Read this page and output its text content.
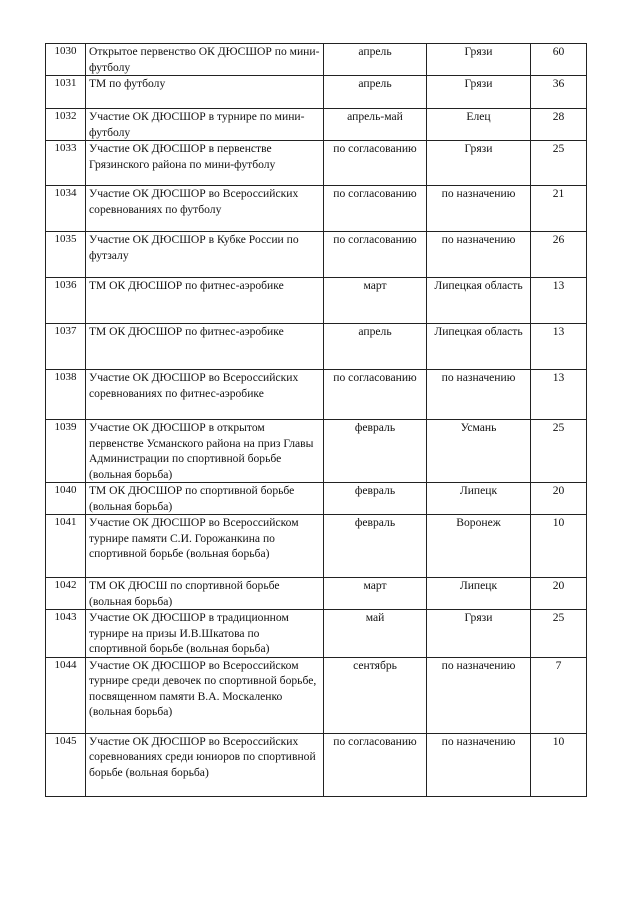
1030	Открытое первенство ОК ДЮСШОР по мини-футболу	апрель	Грязи	60
1031	ТМ по футболу	апрель	Грязи	36
1032	Участие ОК ДЮСШОР в турнире по мини-футболу	апрель-май	Елец	28
1033	Участие ОК ДЮСШОР в первенстве Грязинского района по мини-футболу	по согласованию	Грязи	25
1034	Участие ОК ДЮСШОР во Всероссийских соревнованиях по футболу	по согласованию	по назначению	21
1035	Участие ОК ДЮСШОР в Кубке России по футзалу	по согласованию	по назначению	26
1036	ТМ ОК ДЮСШОР по фитнес-аэробике	март	Липецкая область	13
1037	ТМ ОК ДЮСШОР по фитнес-аэробике	апрель	Липецкая область	13
1038	Участие ОК ДЮСШОР во Всероссийских соревнованиях по фитнес-аэробике	по согласованию	по назначению	13
1039	Участие ОК ДЮСШОР в открытом первенстве Усманского района на приз Главы Администрации по спортивной борьбе (вольная борьба)	февраль	Усмань	25
1040	ТМ ОК ДЮСШОР по спортивной борьбе (вольная борьба)	февраль	Липецк	20
1041	Участие ОК ДЮСШОР во Всероссийском турнире памяти С.И. Горожанкина по спортивной борьбе (вольная борьба)	февраль	Воронеж	10
1042	ТМ ОК ДЮСШ по спортивной борьбе (вольная борьба)	март	Липецк	20
1043	Участие ОК ДЮСШОР в традиционном турнире на призы И.В.Шкатова по спортивной борьбе (вольная борьба)	май	Грязи	25
1044	Участие ОК ДЮСШОР во Всероссийском турнире среди девочек по спортивной борьбе, посвященном памяти В.А. Москаленко (вольная борьба)	сентябрь	по назначению	7
1045	Участие ОК ДЮСШОР во Всероссийских соревнованиях среди юниоров по спортивной борьбе (вольная борьба)	по согласованию	по назначению	10
